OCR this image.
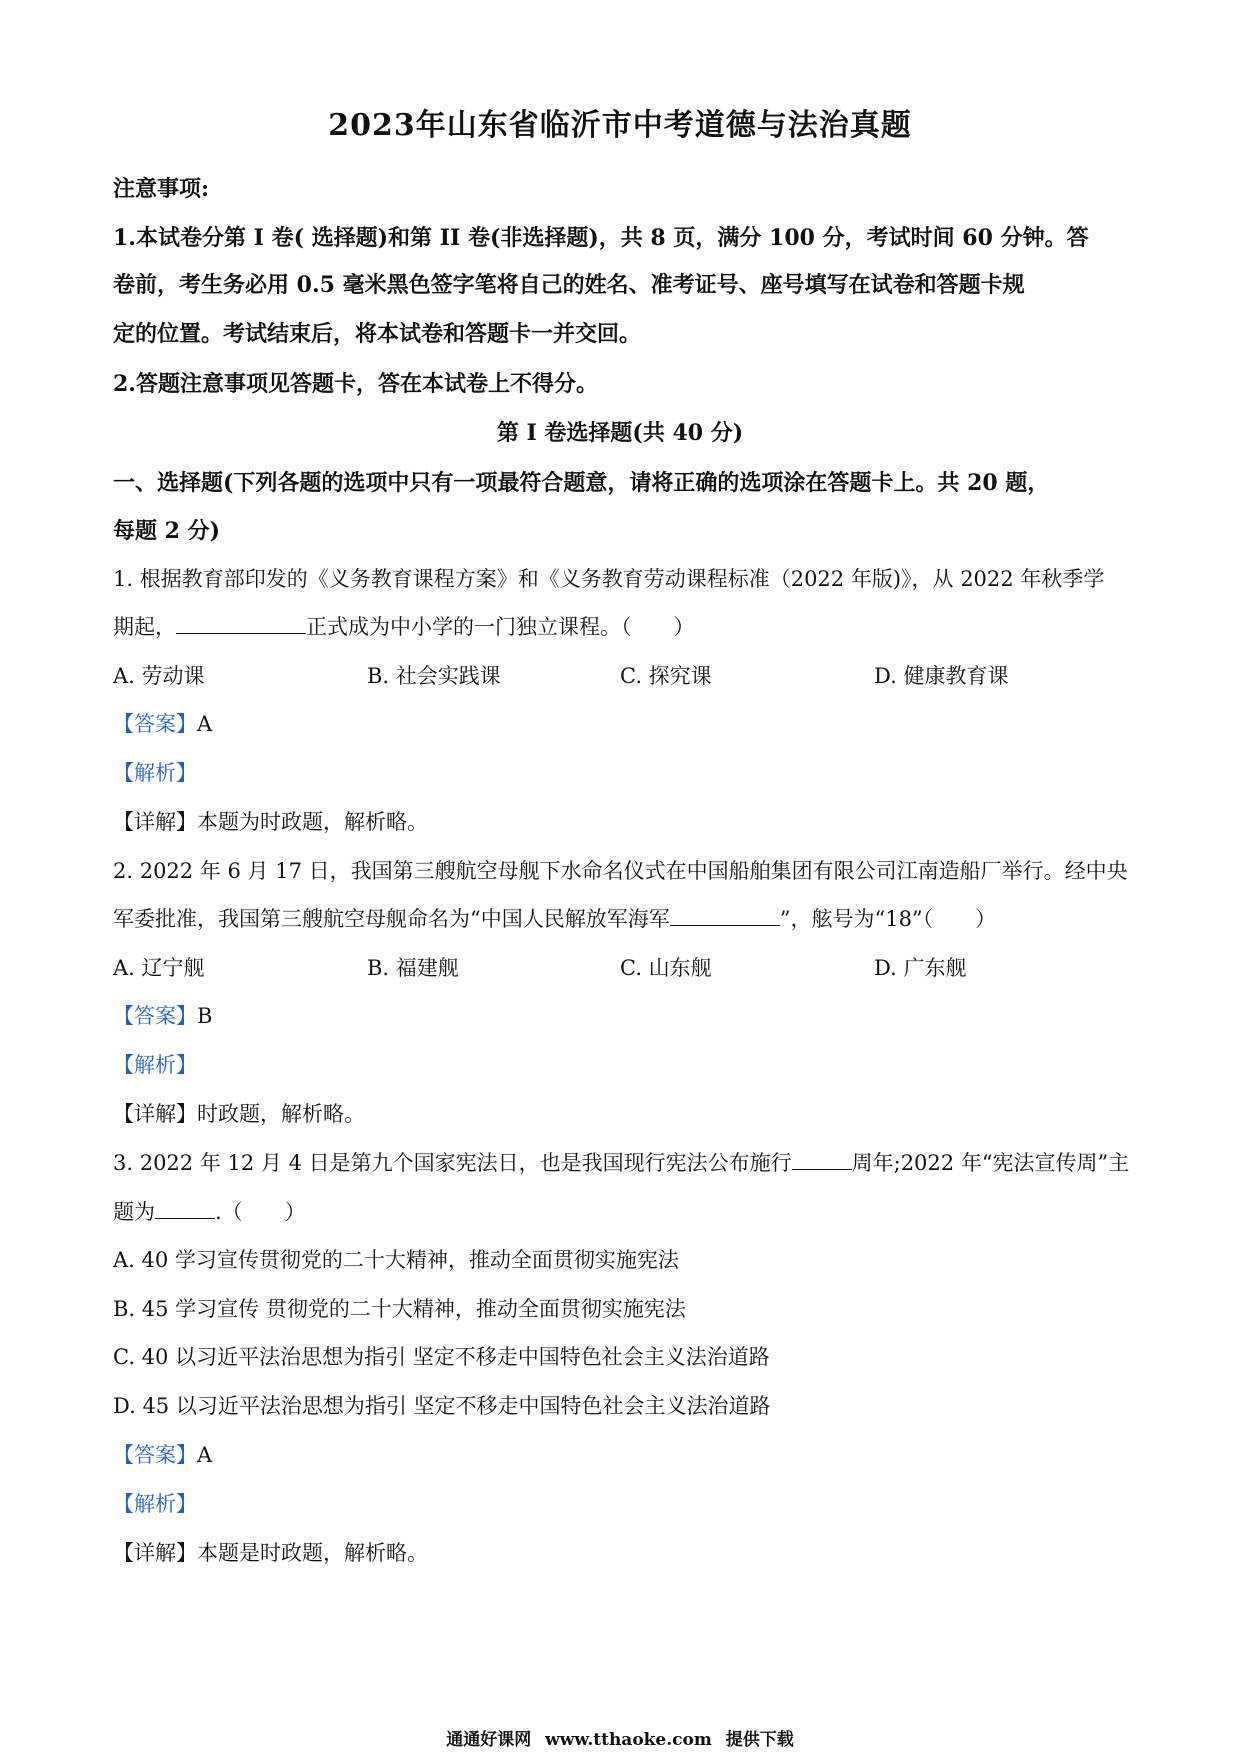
2023年山东省临沂市中考道德与法治真题
注意事项:
1.本试卷分第 I 卷( 选择题)和第 II 卷(非选择题)，共 8 页，满分 100 分，考试时间 60 分钟。答
卷前，考生务必用 0.5 毫米黑色签字笔将自己的姓名、准考证号、座号填写在试卷和答题卡规
定的位置。考试结束后，将本试卷和答题卡一并交回。
2.答题注意事项见答题卡，答在本试卷上不得分。
第 I 卷选择题(共 40 分)
一、选择题(下列各题的选项中只有一项最符合题意，请将正确的选项涂在答题卡上。共 20 题，
每题 2 分)
1. 根据教育部印发的《义务教育课程方案》和《义务教育劳动课程标准（2022 年版)》，从 2022 年秋季学
期起，	正式成为中小学的一门独立课程。（　　）
A. 劳动课	B. 社会实践课	C. 探究课	D. 健康教育课
【答案】A
【解析】
【详解】本题为时政题，解析略。
2. 2022 年 6 月 17 日，我国第三艘航空母舰下水命名仪式在中国船舶集团有限公司江南造船厂举行。经中央
军委批准，我国第三艘航空母舰命名为“中国人民解放军海军	”，舷号为“18”（　　）
A. 辽宁舰	B. 福建舰	C. 山东舰	D. 广东舰
【答案】B
【解析】
【详解】时政题，解析略。
3. 2022 年 12 月 4 日是第九个国家宪法日，也是我国现行宪法公布施行	周年;2022 年“宪法宣传周”主
题为	.（　　）
A. 40 学习宣传贯彻党的二十大精神，推动全面贯彻实施宪法
B. 45 学习宣传 贯彻党的二十大精神，推动全面贯彻实施宪法
C. 40 以习近平法治思想为指引 坚定不移走中国特色社会主义法治道路
D. 45 以习近平法治思想为指引 坚定不移走中国特色社会主义法治道路
【答案】A
【解析】
【详解】本题是时政题，解析略。
通通好课网 www.tthaoke.com 提供下载
